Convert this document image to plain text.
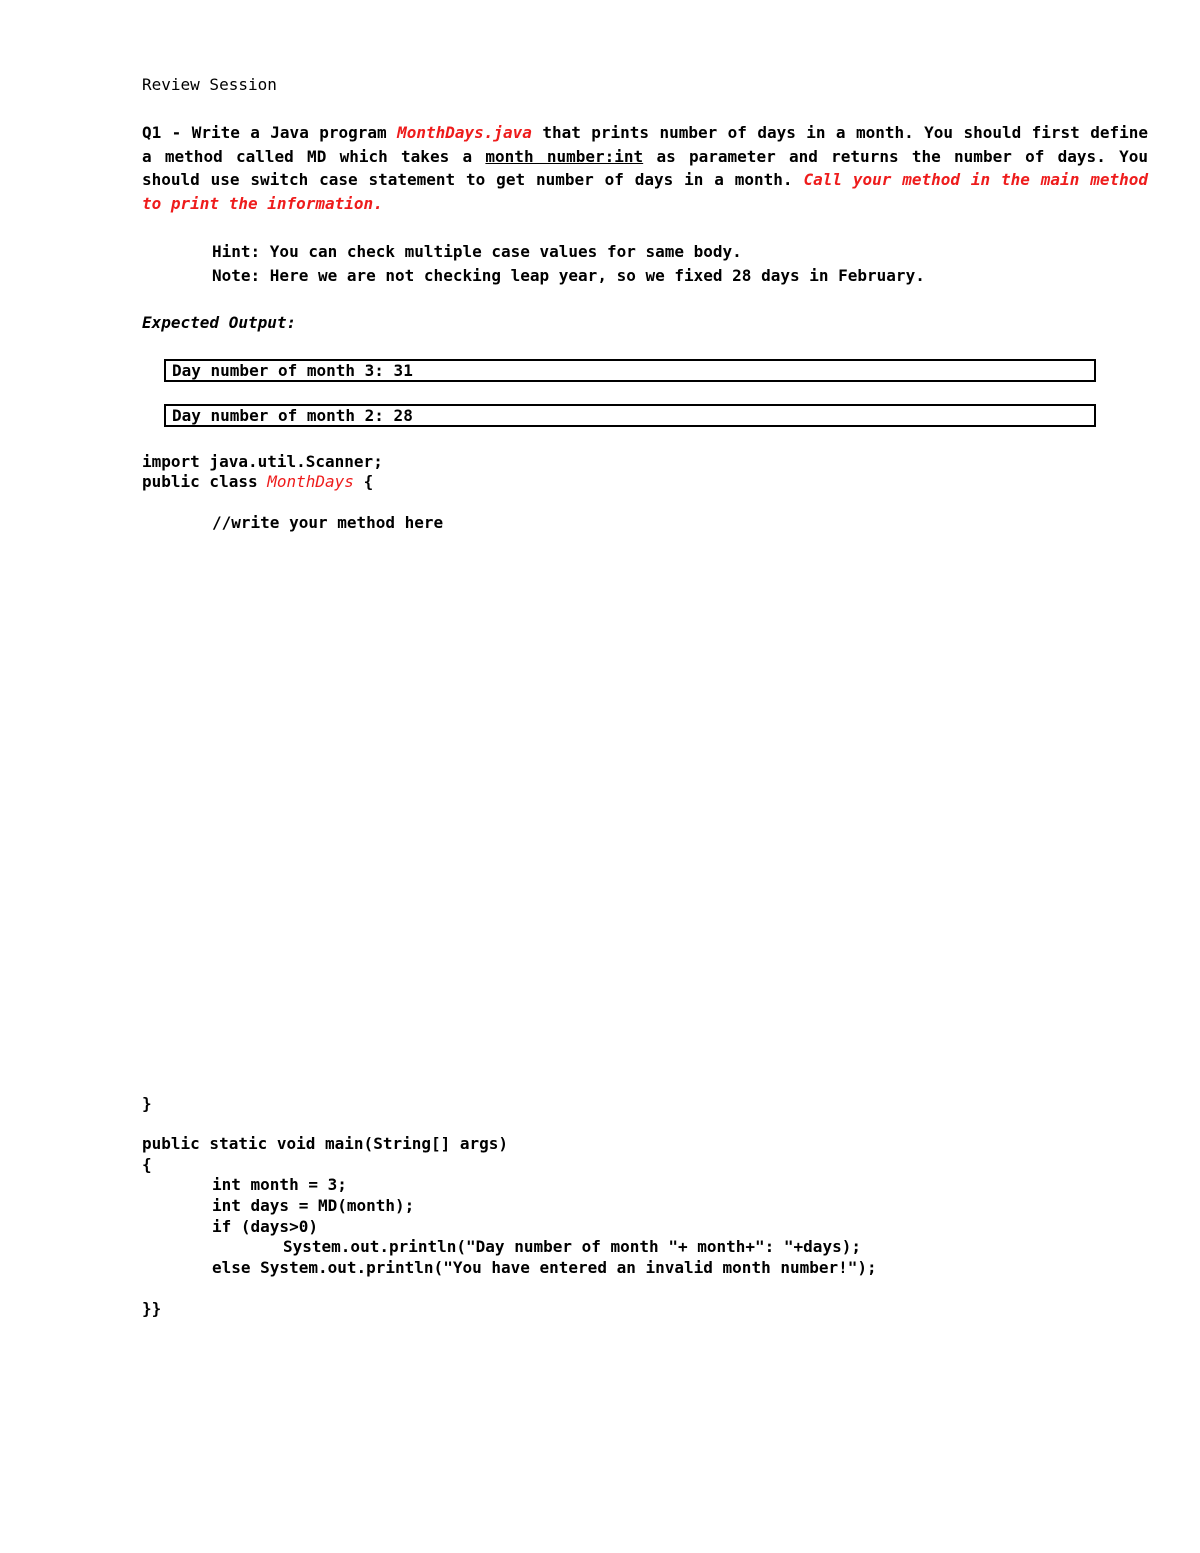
Review Session
Q1 - Write a Java program MonthDays.java that prints number of days in a month. You should first define a method called MD which takes a month number:int as parameter and returns the number of days. You should use switch case statement to get number of days in a month. Call your method in the main method to print the information.
Hint: You can check multiple case values for same body.
Note: Here we are not checking leap year, so we fixed 28 days in February.
Expected Output:
Day number of month 3: 31
Day number of month 2: 28
import java.util.Scanner;
public class MonthDays {
//write your method here
}
public static void main(String[] args)
{
int month = 3;
int days = MD(month);
if (days>0)
System.out.println("Day number of month "+ month+": "+days);
else System.out.println("You have entered an invalid month number!");
}}
